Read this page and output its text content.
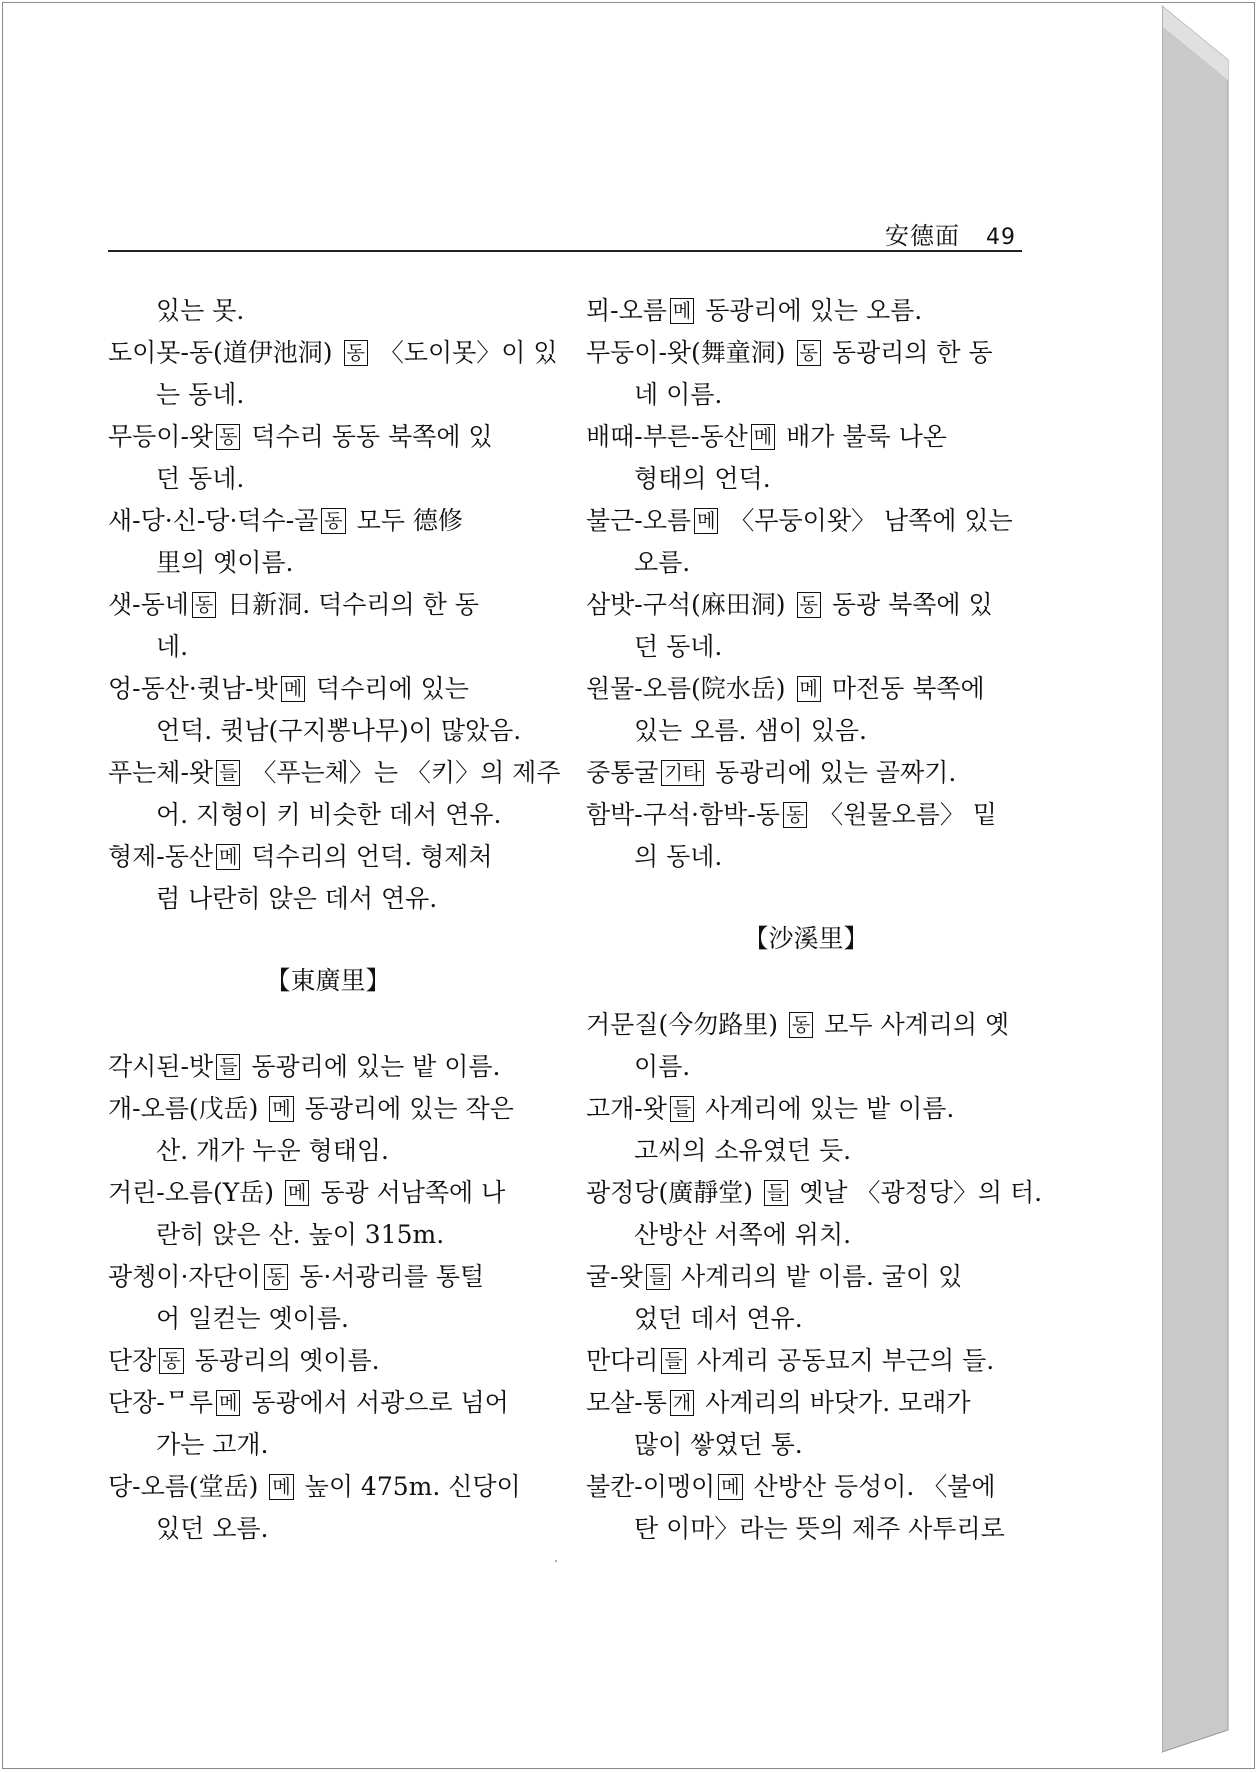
安德面 49

있는 못.

도이못-동(道伊池洞) 동 〈도이못〉이 있
는 동네.

무등이-왓 동 덕수리 동동 북쪽에 있
던 동네.

새-당·신-당·덕수-골 동 모두 德修
里의 옛이름.

샛-동네 동 日新洞. 덕수리의 한 동
네.

엉-동산·큇남-밧 메 덕수리에 있는
언덕. 큇남(구지뽕나무)이 많았음.

푸는체-왓 들 〈푸는체〉는 〈키〉의 제주
어. 지형이 키 비슷한 데서 연유.

형제-동산 메 덕수리의 언덕. 형제처
럼 나란히 앉은 데서 연유.

【東廣里】

각시된-밧 들 동광리에 있는 밭 이름.

개-오름(戊岳) 메 동광리에 있는 작은
산. 개가 누운 형태임.

거린-오름(Y岳) 메 동광 서남쪽에 나
란히 앉은 산. 높이 315m.

광쳉이·자단이 동 동·서광리를 통털
어 일컫는 옛이름.

단장 동 동광리의 옛이름.

단장-ᄆ루 메 동광에서 서광으로 넘어
가는 고개.

당-오름(堂岳) 메 높이 475m. 신당이
있던 오름.

뫼-오름 메 동광리에 있는 오름.

무둥이-왓(舞童洞) 동 동광리의 한 동
네 이름.

배때-부른-동산 메 배가 불룩 나온
형태의 언덕.

불근-오름 메 〈무둥이왓〉 남쪽에 있는
오름.

삼밧-구석(麻田洞) 동 동광 북쪽에 있
던 동네.

원물-오름(院水岳) 메 마전동 북쪽에
있는 오름. 샘이 있음.

중통굴 기타 동광리에 있는 골짜기.

함박-구석·함박-동 동 〈원물오름〉 밑
의 동네.

【沙溪里】

거문질(今勿路里) 동 모두 사계리의 옛
이름.

고개-왓 들 사계리에 있는 밭 이름.
고씨의 소유였던 듯.

광정당(廣靜堂) 들 옛날 〈광정당〉의 터.
산방산 서쪽에 위치.

굴-왓 들 사계리의 밭 이름. 굴이 있
었던 데서 연유.

만다리 들 사계리 공동묘지 부근의 들.

모살-통 개 사계리의 바닷가. 모래가
많이 쌓였던 통.

불칸-이멩이 메 산방산 등성이. 〈불에
탄 이마〉라는 뜻의 제주 사투리로
